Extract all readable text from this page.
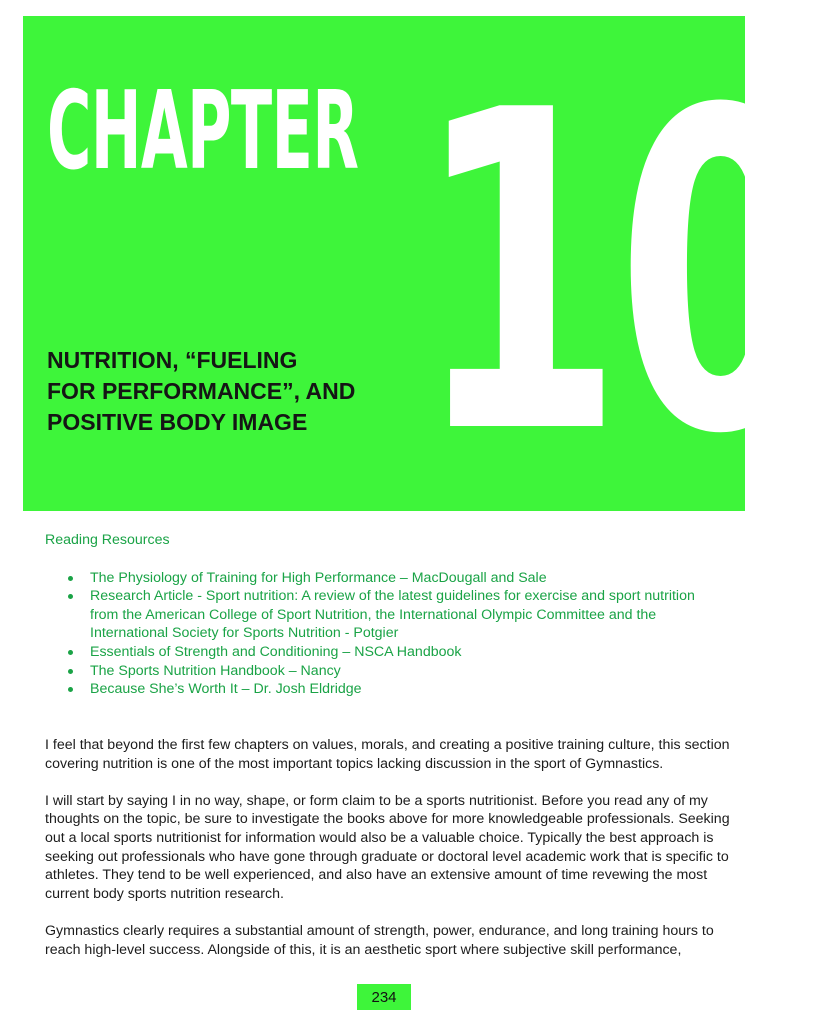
CHAPTER 10
NUTRITION, “FUELING
FOR PERFORMANCE”, AND
POSITIVE BODY IMAGE
Reading Resources
The Physiology of Training for High Performance – MacDougall and Sale
Research Article - Sport nutrition: A review of the latest guidelines for exercise and sport nutrition from the American College of Sport Nutrition, the International Olympic Committee and the International Society for Sports Nutrition - Potgier
Essentials of Strength and Conditioning – NSCA Handbook
The Sports Nutrition Handbook – Nancy
Because She’s Worth It – Dr. Josh Eldridge

I feel that beyond the first few chapters on values, morals, and creating a positive training culture, this section covering nutrition is one of the most important topics lacking discussion in the sport of Gymnastics.

I will start by saying I in no way, shape, or form claim to be a sports nutritionist. Before you read any of my thoughts on the topic, be sure to investigate the books above for more knowledgeable professionals. Seeking out a local sports nutritionist for information would also be a valuable choice. Typically the best approach is seeking out professionals who have gone through graduate or doctoral level academic work that is specific to athletes. They tend to be well experienced, and also have an extensive amount of time revewing the most current body sports nutrition research.

Gymnastics clearly requires a substantial amount of strength, power, endurance, and long training hours to reach high-level success. Alongside of this, it is an aesthetic sport where subjective skill performance,

234
